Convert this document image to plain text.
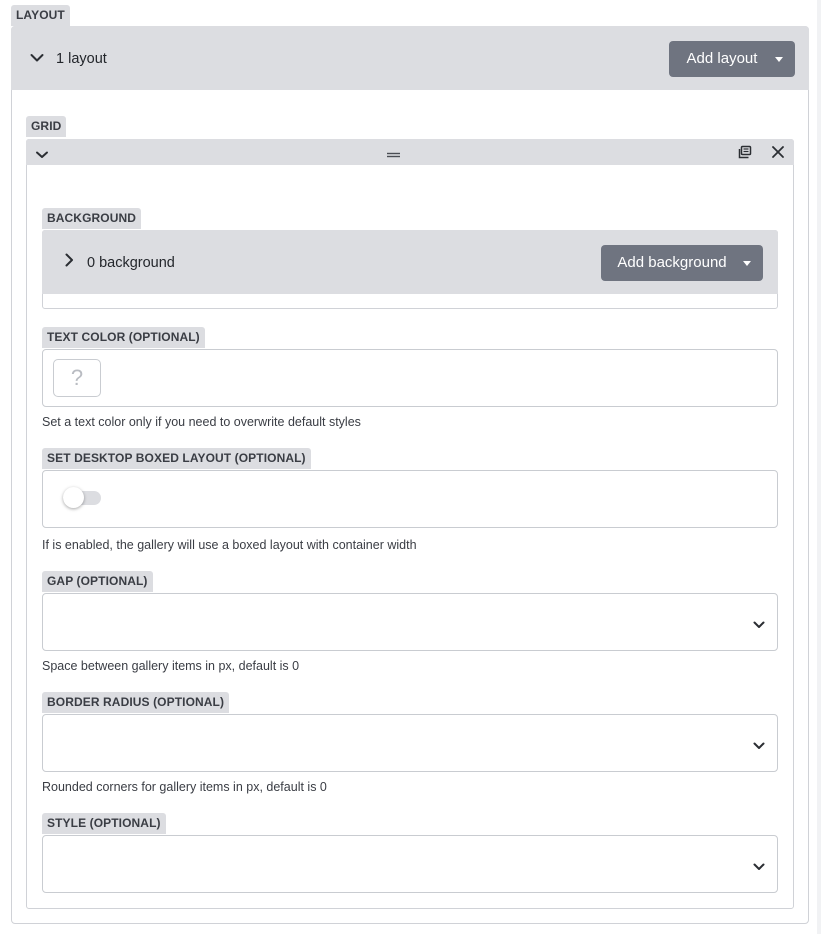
LAYOUT
1 layout	Add layout
GRID
BACKGROUND
0 background	Add background
TEXT COLOR (OPTIONAL)
?
Set a text color only if you need to overwrite default styles
SET DESKTOP BOXED LAYOUT (OPTIONAL)
If is enabled, the gallery will use a boxed layout with container width
GAP (OPTIONAL)
Space between gallery items in px, default is 0
BORDER RADIUS (OPTIONAL)
Rounded corners for gallery items in px, default is 0
STYLE (OPTIONAL)
